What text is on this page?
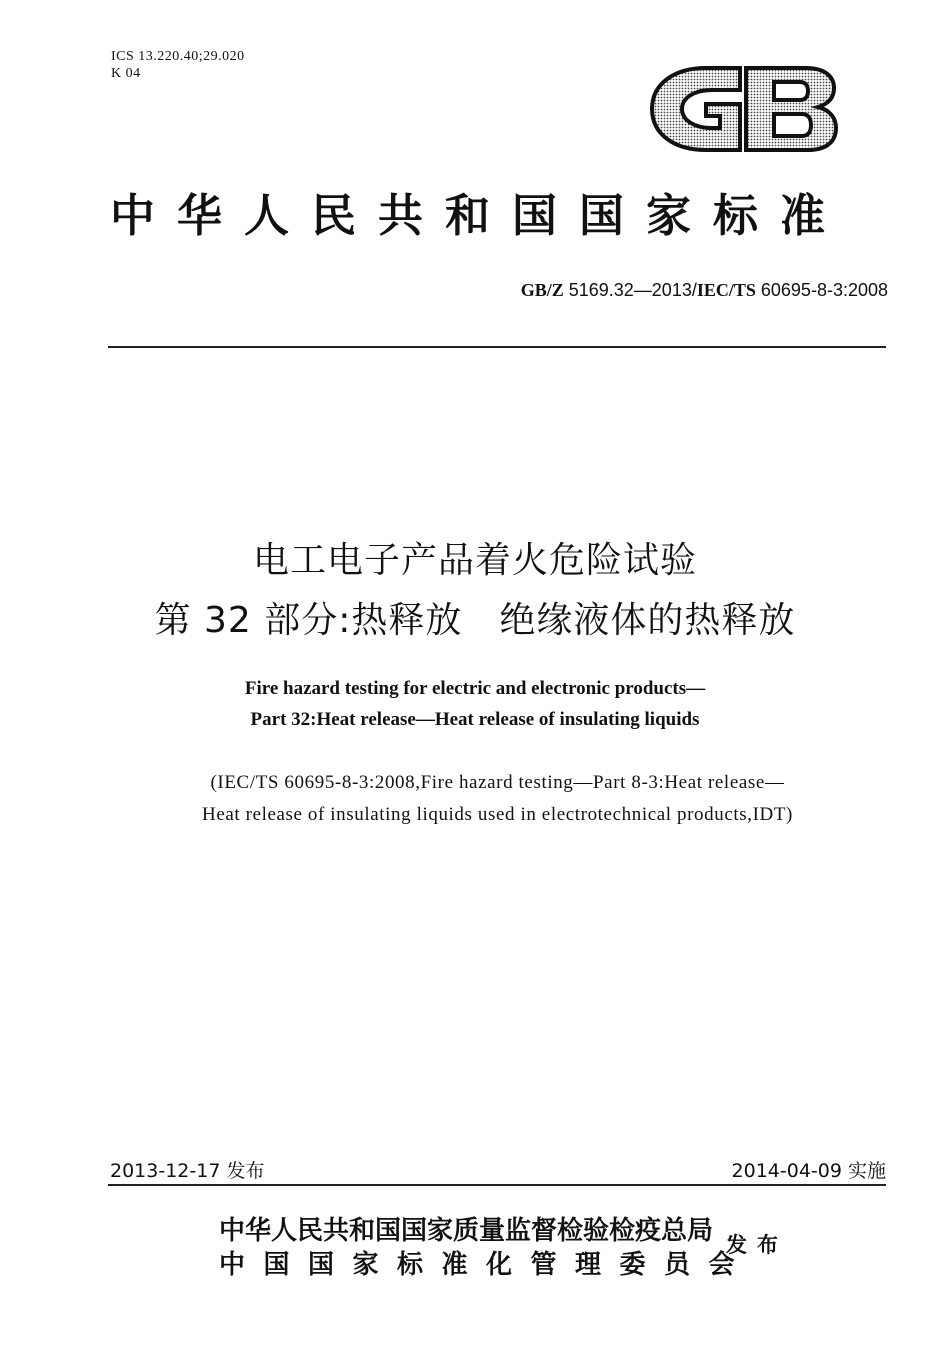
ICS 13.220.40;29.020
K 04
中华人民共和国国家标准
GB/Z 5169.32—2013/IEC/TS 60695-8-3:2008
电工电子产品着火危险试验
第 32 部分:热释放　绝缘液体的热释放
Fire hazard testing for electric and electronic products—
Part 32:Heat release—Heat release of insulating liquids
(IEC/TS 60695-8-3:2008,Fire hazard testing—Part 8-3:Heat release—
Heat release of insulating liquids used in electrotechnical products,IDT)
2013-12-17 发布	2014-04-09 实施
中华人民共和国国家质量监督检验检疫总局
中国国家标准化管理委员会
发布
